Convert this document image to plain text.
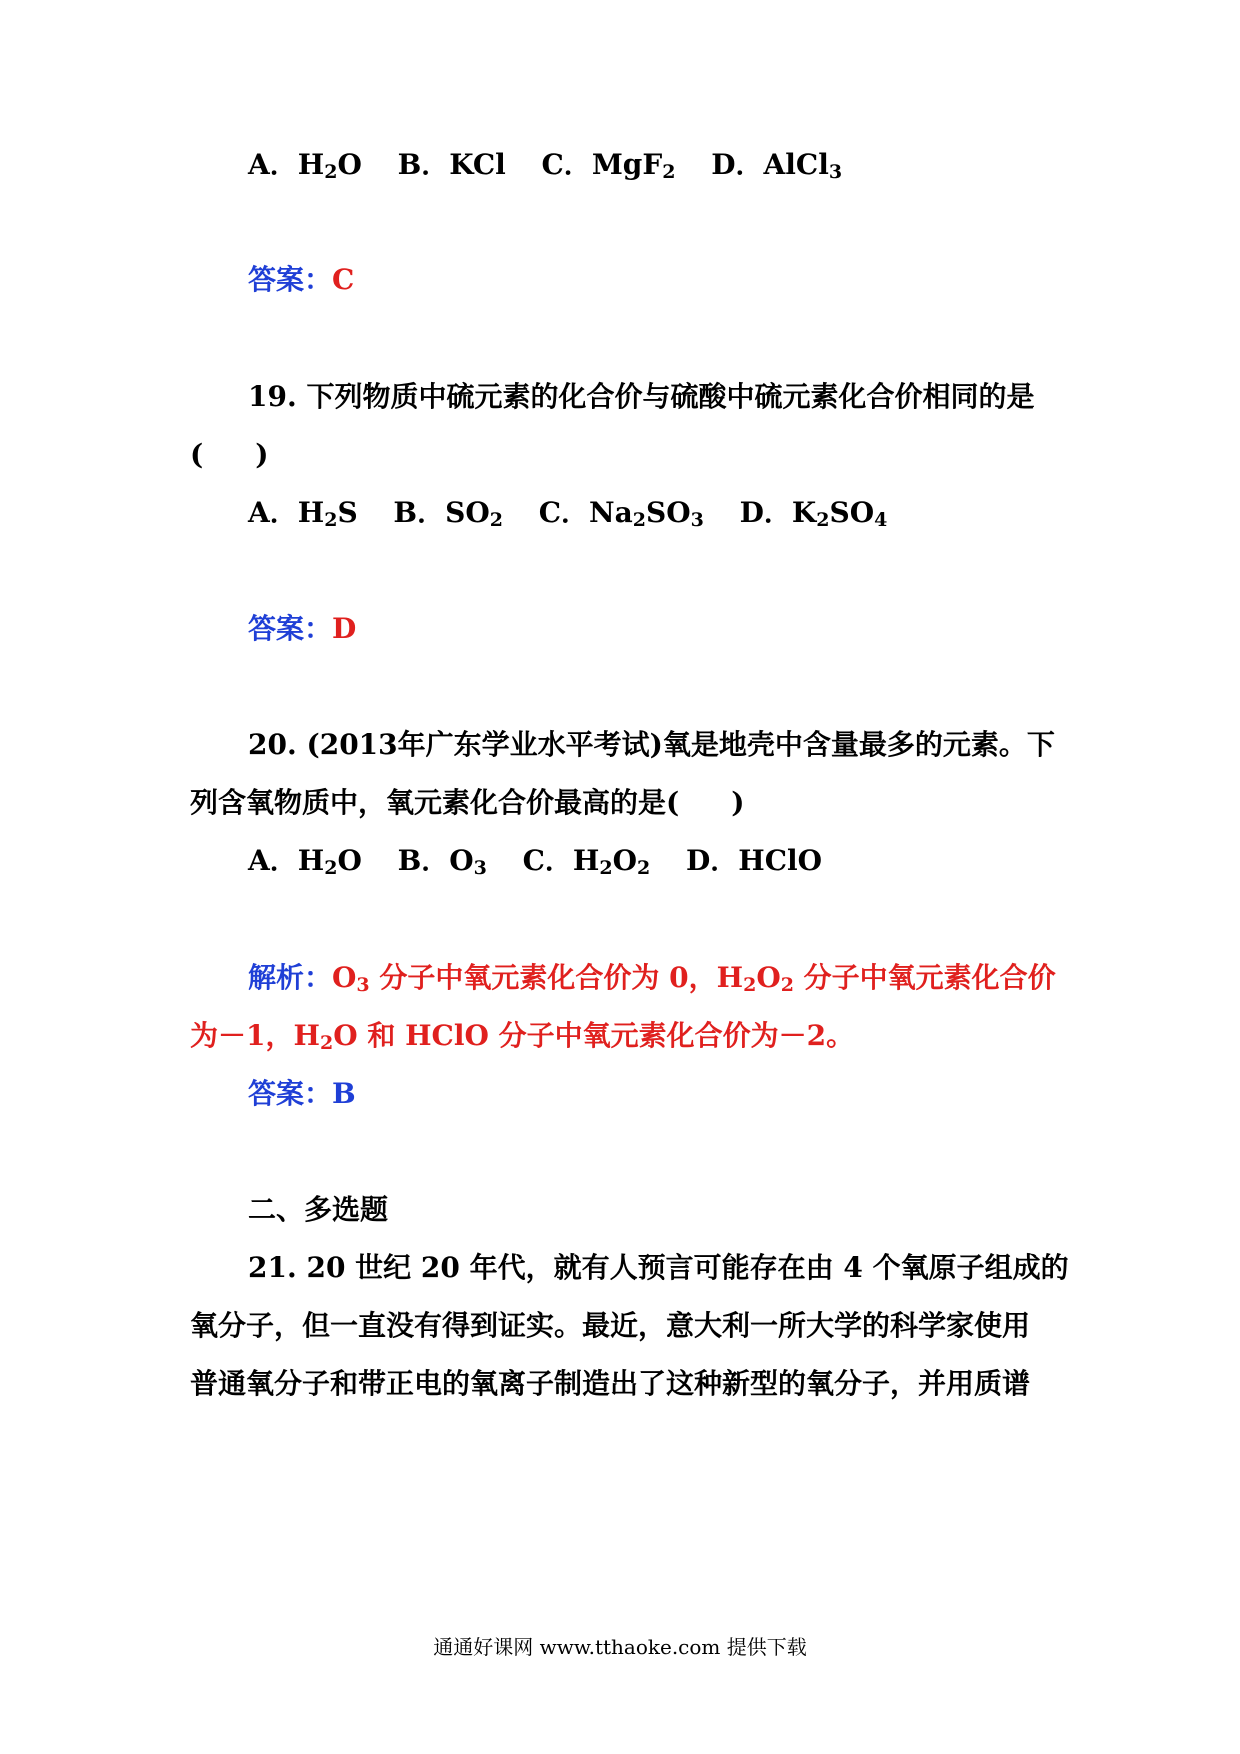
A．$H_2O$ B．KCl C．MgF$_2$ D．AlCl$_3$
答案：C
19. 下列物质中硫元素的化合价与硫酸中硫元素化合价相同的是
( )
A．$H_2S$ B．$SO_2$ C．$Na_2SO_3$ D．$K_2SO_4$
答案：D
20. (2013年广东学业水平考试)氧是地壳中含量最多的元素。下
列含氧物质中，氧元素化合价最高的是( )
A．$H_2O$ B．$O_3$ C．$H_2O_2$ D．HClO
解析：$O_3$ 分子中氧元素化合价为 0，$H_2O_2$ 分子中氧元素化合价
为－1，$H_2O$ 和 HClO 分子中氧元素化合价为－2。
答案：B
二、多选题
21. 20 世纪 20 年代，就有人预言可能存在由 4 个氧原子组成的
氧分子，但一直没有得到证实。最近，意大利一所大学的科学家使用
普通氧分子和带正电的氧离子制造出了这种新型的氧分子，并用质谱
通通好课网 www.tthaoke.com 提供下载
